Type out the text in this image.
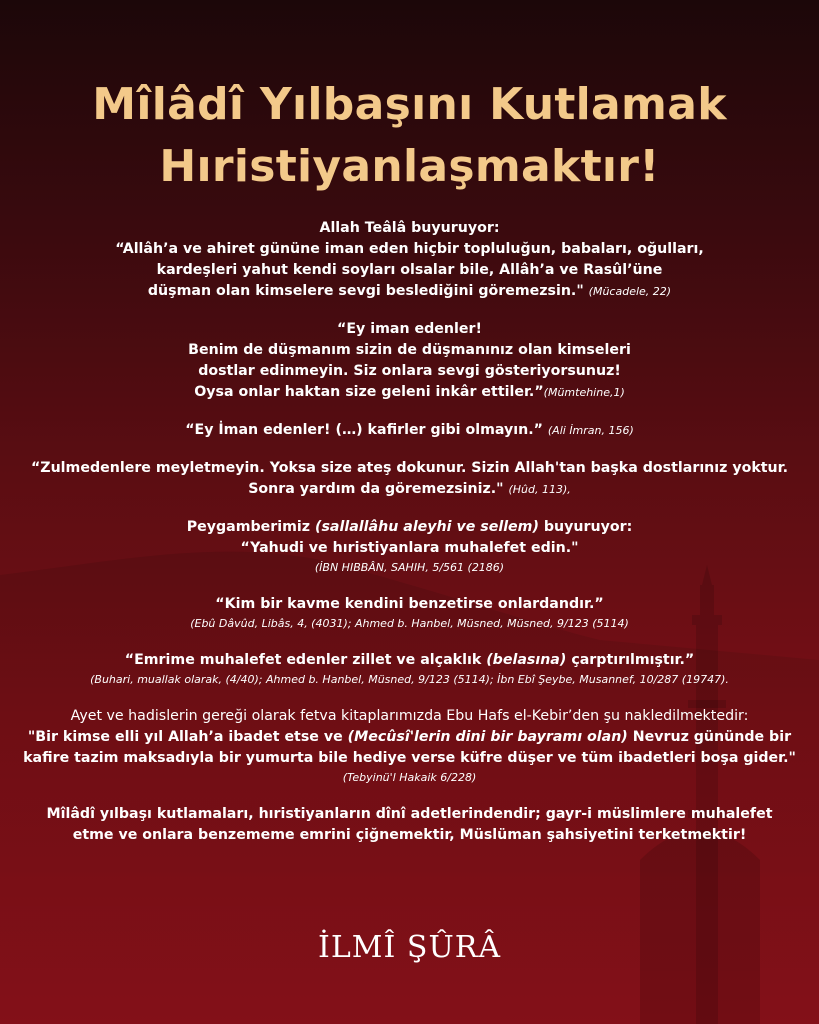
Mîlâdî Yılbaşını Kutlamak
Hıristiyanlaşmaktır!
Allah Teâlâ buyuruyor:
“Allâh’a ve ahiret gününe iman eden hiçbir topluluğun, babaları, oğulları,
kardeşleri yahut kendi soyları olsalar bile, Allâh’a ve Rasûl’üne
düşman olan kimselere sevgi beslediğini göremezsin." (Mücadele, 22)
“Ey iman edenler!
Benim de düşmanım sizin de düşmanınız olan kimseleri
dostlar edinmeyin. Siz onlara sevgi gösteriyorsunuz!
Oysa onlar haktan size geleni inkâr ettiler.”(Mümtehine,1)
“Ey İman edenler! (…) kafirler gibi olmayın.” (Ali İmran, 156)
“Zulmedenlere meyletmeyin. Yoksa size ateş dokunur. Sizin Allah'tan başka dostlarınız yoktur.
Sonra yardım da göremezsiniz." (Hûd, 113),
Peygamberimiz (sallallâhu aleyhi ve sellem) buyuruyor:
“Yahudi ve hıristiyanlara muhalefet edin."
(İBN HIBBÂN, SAHIH, 5/561 (2186)
“Kim bir kavme kendini benzetirse onlardandır.”
(Ebû Dâvûd, Libâs, 4, (4031); Ahmed b. Hanbel, Müsned, Müsned, 9/123 (5114)
“Emrime muhalefet edenler zillet ve alçaklık (belasına) çarptırılmıştır.”
(Buhari, muallak olarak, (4/40); Ahmed b. Hanbel, Müsned, 9/123 (5114); İbn Ebî Şeybe, Musannef, 10/287 (19747).
Ayet ve hadislerin gereği olarak fetva kitaplarımızda Ebu Hafs el-Kebir’den şu nakledilmektedir:
"Bir kimse elli yıl Allah’a ibadet etse ve (Mecûsî'lerin dini bir bayramı olan) Nevruz gününde bir
kafire tazim maksadıyla bir yumurta bile hediye verse küfre düşer ve tüm ibadetleri boşa gider."
(Tebyinü'l Hakaik 6/228)
Mîlâdî yılbaşı kutlamaları, hıristiyanların dînî adetlerindendir; gayr-i müslimlere muhalefet
etme ve onlara benzememe emrini çiğnemektir, Müslüman şahsiyetini terketmektir!
İLMÎ ŞÛRÂ
